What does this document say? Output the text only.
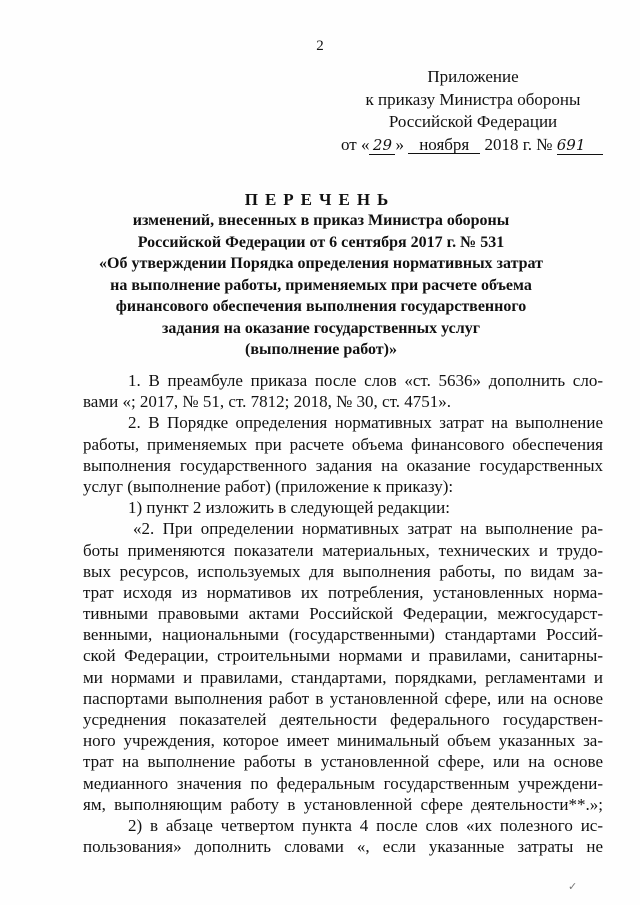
2
Приложение
к приказу Министра обороны
Российской Федерации
от « 29 » ноября 2018 г. № 691
ПЕРЕЧЕНЬ
изменений, внесенных в приказ Министра обороны
Российской Федерации от 6 сентября 2017 г. № 531
«Об утверждении Порядка определения нормативных затрат
на выполнение работы, применяемых при расчете объема
финансового обеспечения выполнения государственного
задания на оказание государственных услуг
(выполнение работ)»
1. В преамбуле приказа после слов «ст. 5636» дополнить сло-
вами «; 2017, № 51, ст. 7812; 2018, № 30, ст. 4751».
2. В Порядке определения нормативных затрат на выполнение
работы, применяемых при расчете объема финансового обеспечения
выполнения государственного задания на оказание государственных
услуг (выполнение работ) (приложение к приказу):
1) пункт 2 изложить в следующей редакции:
«2. При определении нормативных затрат на выполнение ра-
боты применяются показатели материальных, технических и трудо-
вых ресурсов, используемых для выполнения работы, по видам за-
трат исходя из нормативов их потребления, установленных норма-
тивными правовыми актами Российской Федерации, межгосударст-
венными, национальными (государственными) стандартами Россий-
ской Федерации, строительными нормами и правилами, санитарны-
ми нормами и правилами, стандартами, порядками, регламентами и
паспортами выполнения работ в установленной сфере, или на основе
усреднения показателей деятельности федерального государствен-
ного учреждения, которое имеет минимальный объем указанных за-
трат на выполнение работы в установленной сфере, или на основе
медианного значения по федеральным государственным учреждени-
ям, выполняющим работу в установленной сфере деятельности**.»;
2) в абзаце четвертом пункта 4 после слов «их полезного ис-
пользования» дополнить словами «, если указанные затраты не
✓
